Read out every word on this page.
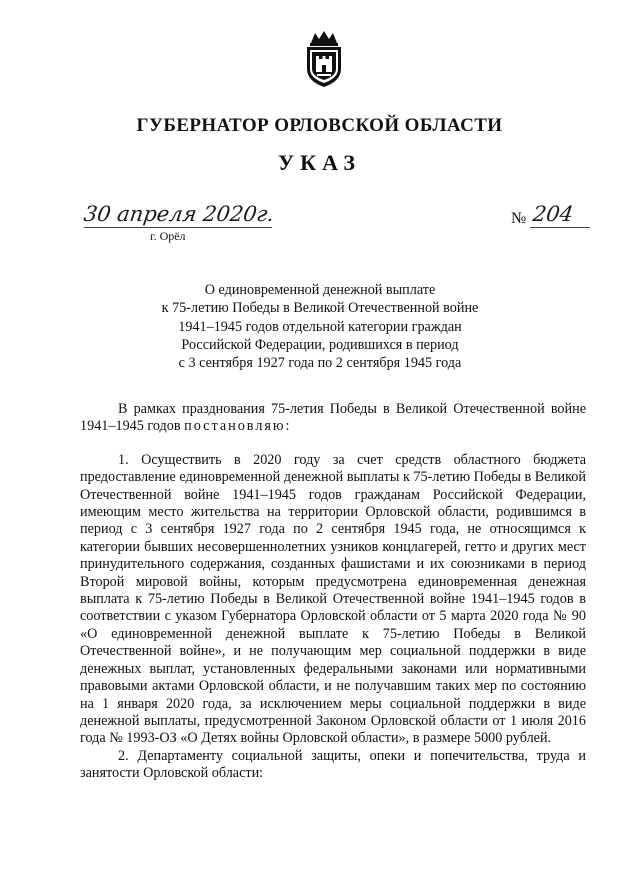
ГУБЕРНАТОР ОРЛОВСКОЙ ОБЛАСТИ
УКАЗ
30 апреля 2020г.
г. Орёл
№ 204
О единовременной денежной выплате
к 75-летию Победы в Великой Отечественной войне
1941–1945 годов отдельной категории граждан
Российской Федерации, родившихся в период
с 3 сентября 1927 года по 2 сентября 1945 года

В рамках празднования 75-летия Победы в Великой Отечественной войне 1941–1945 годов постановляю:

1. Осуществить в 2020 году за счет средств областного бюджета предоставление единовременной денежной выплаты к 75-летию Победы в Великой Отечественной войне 1941–1945 годов гражданам Российской Федерации, имеющим место жительства на территории Орловской области, родившимся в период с 3 сентября 1927 года по 2 сентября 1945 года, не относящимся к категории бывших несовершеннолетних узников концлагерей, гетто и других мест принудительного содержания, созданных фашистами и их союзниками в период Второй мировой войны, которым предусмотрена единовременная денежная выплата к 75-летию Победы в Великой Отечественной войне 1941–1945 годов в соответствии с указом Губернатора Орловской области от 5 марта 2020 года № 90 «О единовременной денежной выплате к 75-летию Победы в Великой Отечественной войне», и не получающим мер социальной поддержки в виде денежных выплат, установленных федеральными законами или нормативными правовыми актами Орловской области, и не получавшим таких мер по состоянию на 1 января 2020 года, за исключением меры социальной поддержки в виде денежной выплаты, предусмотренной Законом Орловской области от 1 июля 2016 года № 1993-ОЗ «О Детях войны Орловской области», в размере 5000 рублей.

2. Департаменту социальной защиты, опеки и попечительства, труда и занятости Орловской области:
